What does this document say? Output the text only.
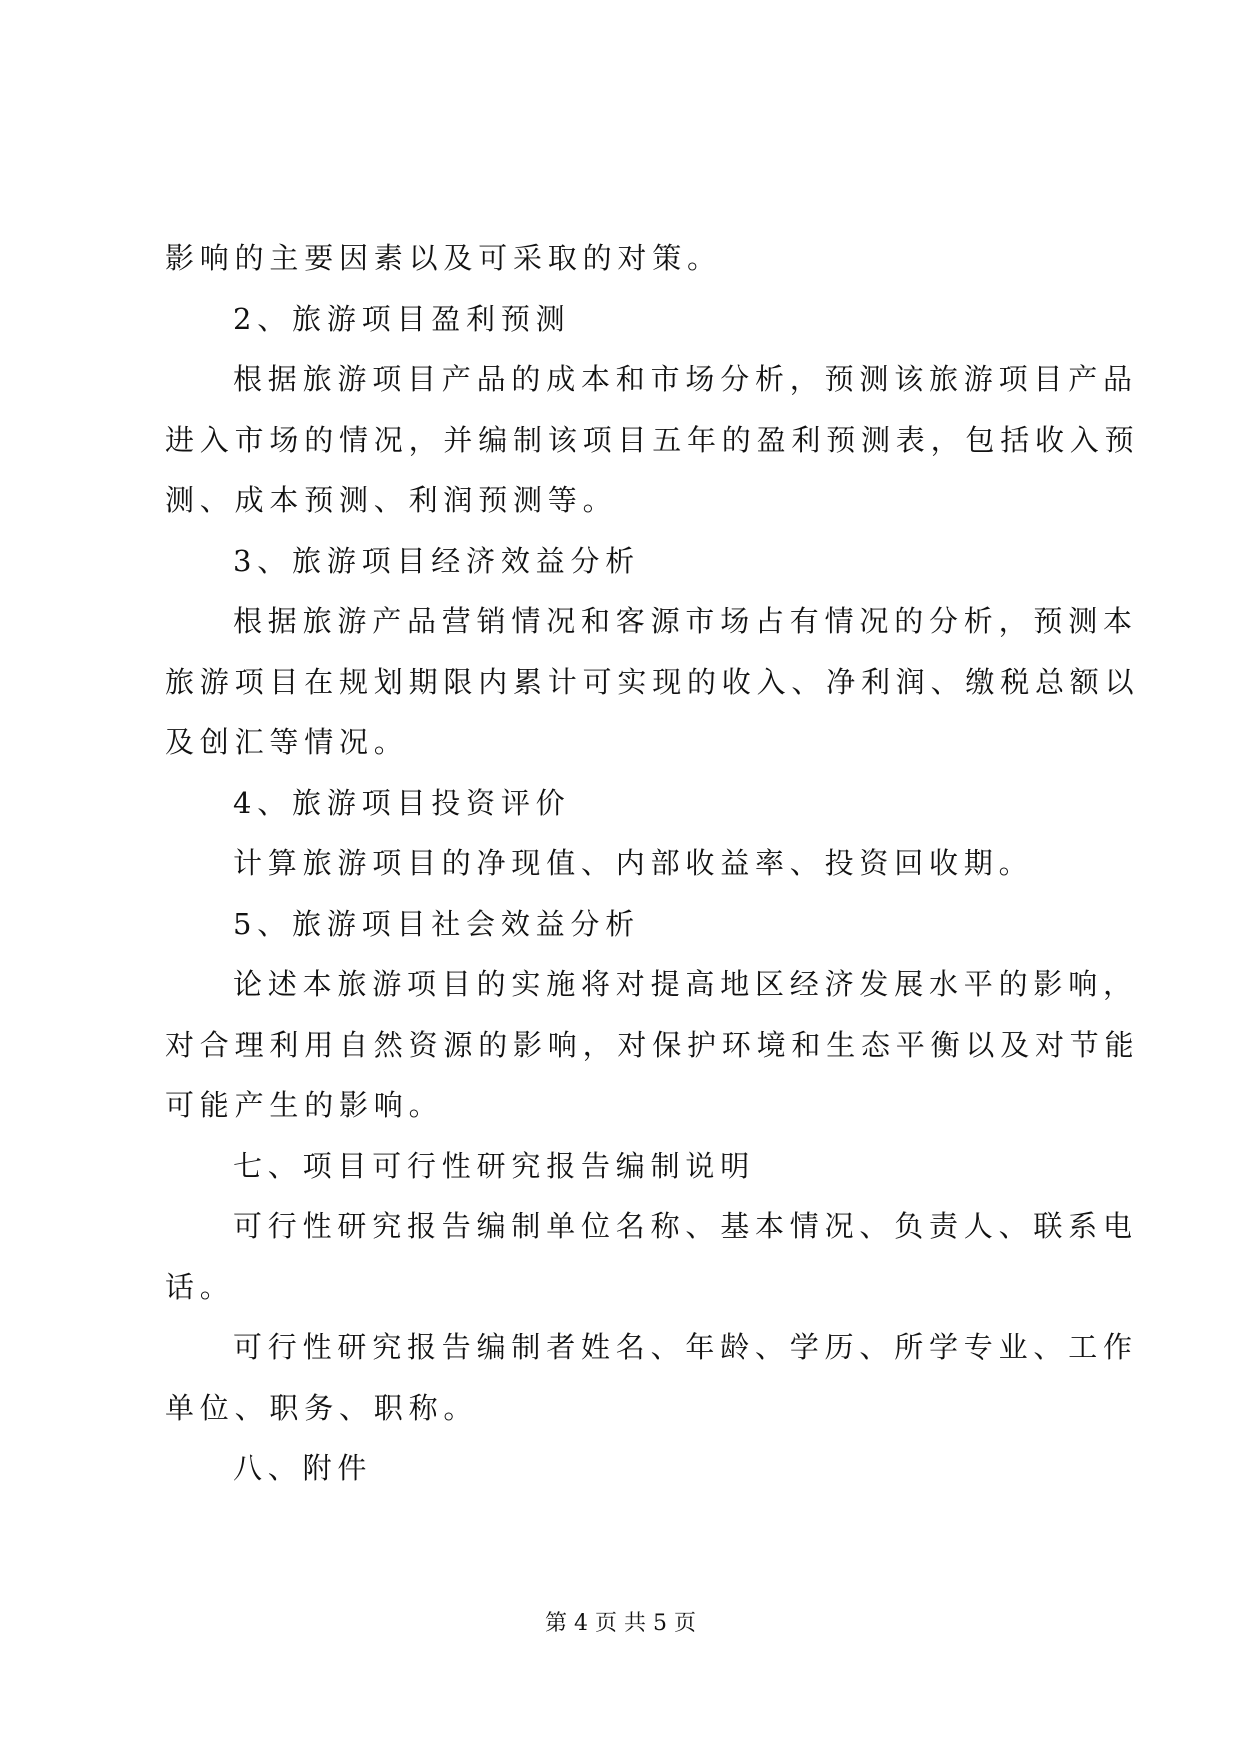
影响的主要因素以及可采取的对策。
2、旅游项目盈利预测
根据旅游项目产品的成本和市场分析，预测该旅游项目产品
进入市场的情况，并编制该项目五年的盈利预测表，包括收入预
测、成本预测、利润预测等。
3、旅游项目经济效益分析
根据旅游产品营销情况和客源市场占有情况的分析，预测本
旅游项目在规划期限内累计可实现的收入、净利润、缴税总额以
及创汇等情况。
4、旅游项目投资评价
计算旅游项目的净现值、内部收益率、投资回收期。
5、旅游项目社会效益分析
论述本旅游项目的实施将对提高地区经济发展水平的影响，
对合理利用自然资源的影响，对保护环境和生态平衡以及对节能
可能产生的影响。
七、项目可行性研究报告编制说明
可行性研究报告编制单位名称、基本情况、负责人、联系电
话。
可行性研究报告编制者姓名、年龄、学历、所学专业、工作
单位、职务、职称。
八、附件
第 4 页 共 5 页
